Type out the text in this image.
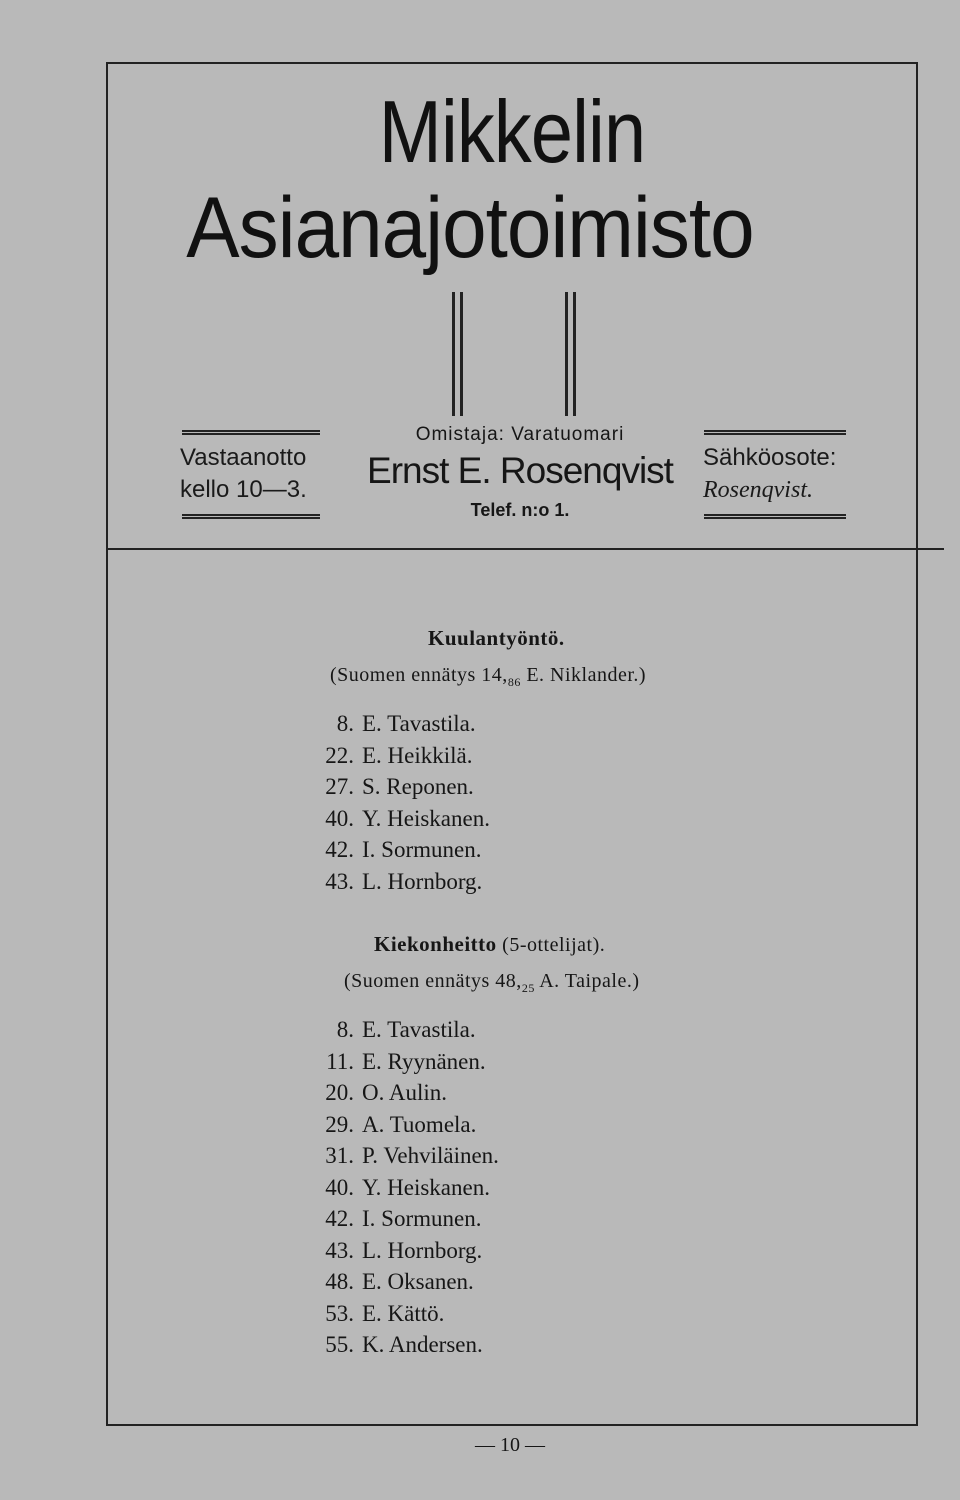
Mikkelin
Asianajotoimisto
Vastaanotto
kello 10—3.
Omistaja: Varatuomari
Ernst E. Rosenqvist
Telef. n:o 1.
Sähköosote:
Rosenqvist.
Kuulantyöntö.
(Suomen ennätys $14,_{86}$ E. Niklander.)
8. E. Tavastila.
22. E. Heikkilä.
27. S. Reponen.
40. Y. Heiskanen.
42. I. Sormunen.
43. L. Hornborg.
Kiekonheitto (5-ottelijat).
(Suomen ennätys $48,_{25}$ A. Taipale.)
8. E. Tavastila.
11. E. Ryynänen.
20. O. Aulin.
29. A. Tuomela.
31. P. Vehviläinen.
40. Y. Heiskanen.
42. I. Sormunen.
43. L. Hornborg.
48. E. Oksanen.
53. E. Kättö.
55. K. Andersen.
— 10 —
